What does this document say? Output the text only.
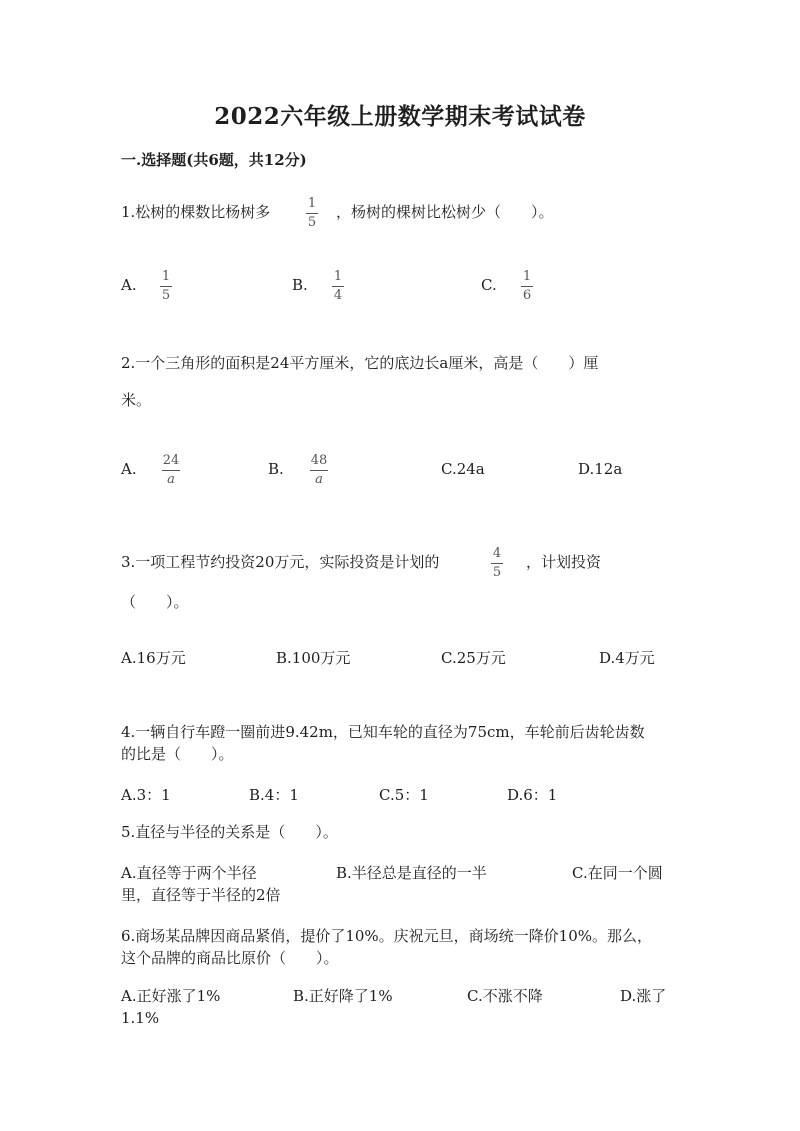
2022六年级上册数学期末考试试卷
一.选择题(共6题，共12分)
1.松树的棵数比杨树多	1
5
，杨树的棵树比松树少（　　）。
A. 1
5
B. 1
4
C. 1
6
2.一个三角形的面积是24平方厘米，它的底边长a厘米，高是（　　）厘
米。
A. 24
a
B. 48
a
C.24a	D.12a
3.一项工程节约投资20万元，实际投资是计划的	4
5
，计划投资
（　　）。
A.16万元	B.100万元	C.25万元	D.4万元
4.一辆自行车蹬一圈前进9.42m，已知车轮的直径为75cm，车轮前后齿轮齿数
的比是（　　）。
A.3：1	B.4：1	C.5：1	D.6：1
5.直径与半径的关系是（　　）。
A.直径等于两个半径	B.半径总是直径的一半	C.在同一个圆
里，直径等于半径的2倍
6.商场某品牌因商品紧俏，提价了10%。庆祝元旦，商场统一降价10%。那么，
这个品牌的商品比原价（　　）。
A.正好涨了1%	B.正好降了1%	C.不涨不降	D.涨了
1.1%
